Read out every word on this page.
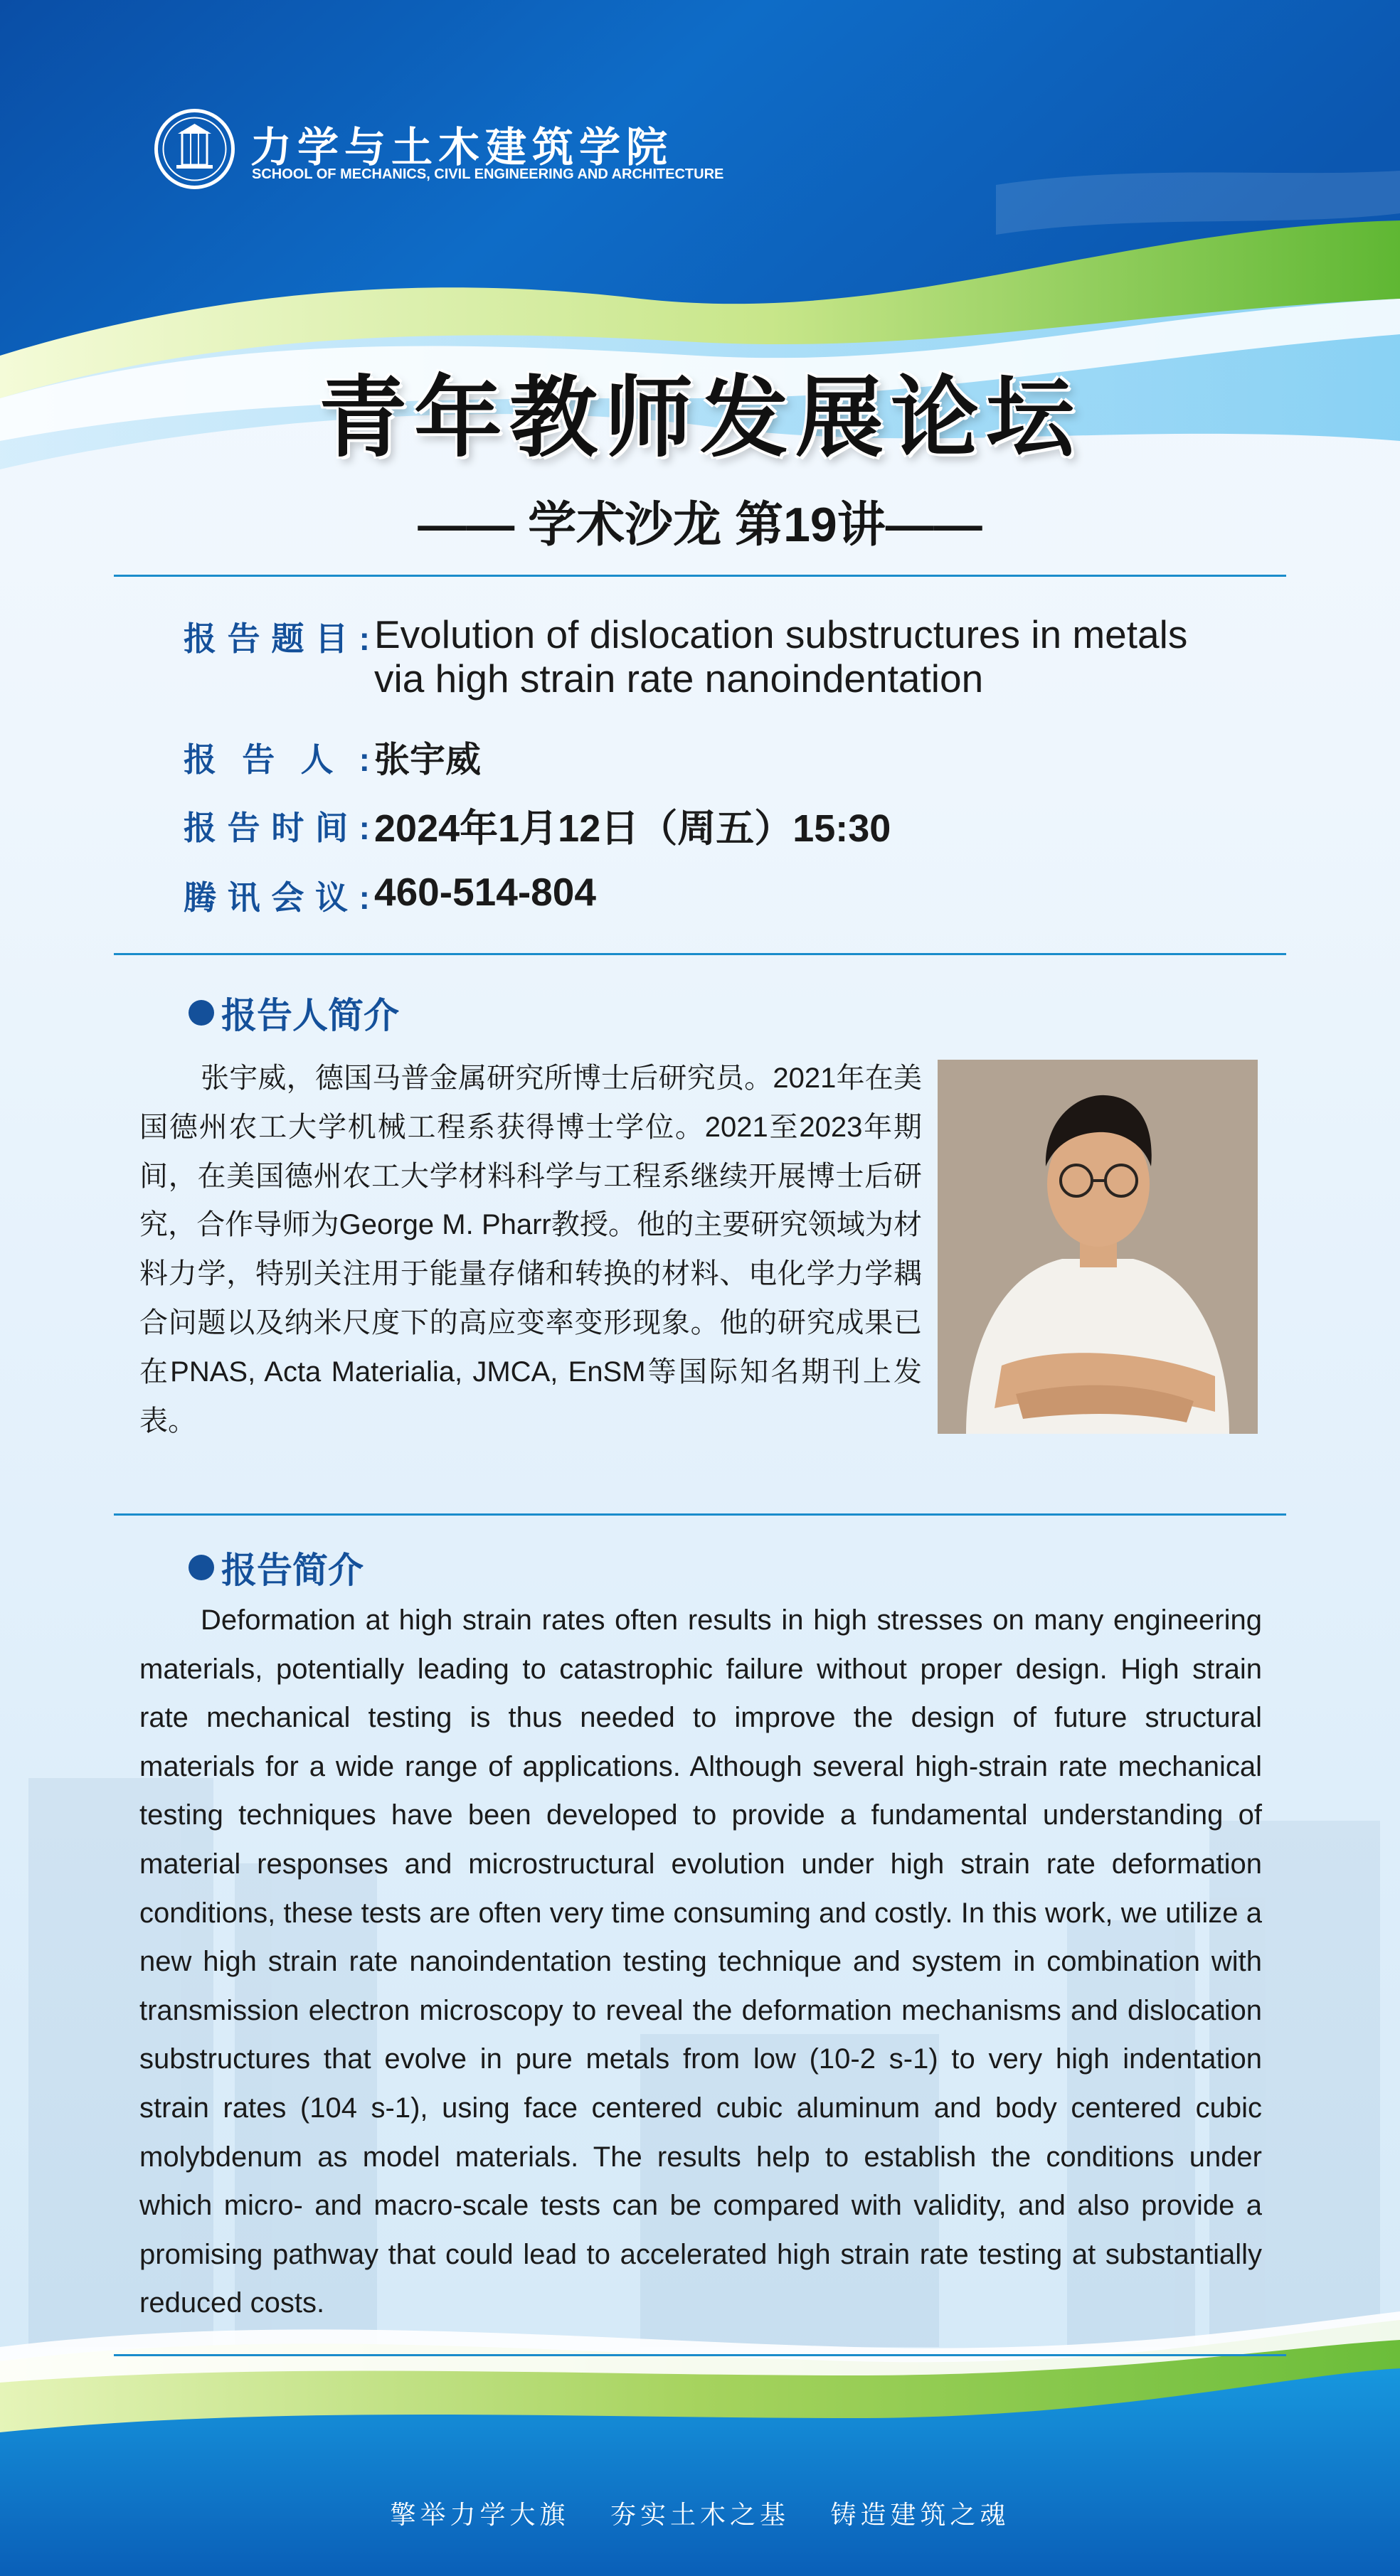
力学与土木建筑学院
SCHOOL OF MECHANICS, CIVIL ENGINEERING AND ARCHITECTURE
青年教师发展论坛
—— 学术沙龙 第19讲——
报告题目: Evolution of dislocation substructures in metals
via high strain rate nanoindentation
报告人: 张宇威
报告时间: 2024年1月12日（周五）15:30
腾讯会议: 460-514-804
报告人简介
张宇威，德国马普金属研究所博士后研究员。2021年在美国德州农工大学机械工程系获得博士学位。2021至2023年期间，在美国德州农工大学材料科学与工程系继续开展博士后研究，合作导师为George M. Pharr教授。他的主要研究领域为材料力学，特别关注用于能量存储和转换的材料、电化学力学耦合问题以及纳米尺度下的高应变率变形现象。他的研究成果已在PNAS, Acta Materialia, JMCA, EnSM等国际知名期刊上发表。
报告简介
Deformation at high strain rates often results in high stresses on many engineering materials, potentially leading to catastrophic failure without proper design. High strain rate mechanical testing is thus needed to improve the design of future structural materials for a wide range of applications. Although several high-strain rate mechanical testing techniques have been developed to provide a fundamental understanding of material responses and microstructural evolution under high strain rate deformation conditions, these tests are often very time consuming and costly. In this work, we utilize a new high strain rate nanoindentation testing technique and system in combination with transmission electron microscopy to reveal the deformation mechanisms and dislocation substructures that evolve in pure metals from low (10-2 s-1) to very high indentation strain rates (104 s-1), using face centered cubic aluminum and body centered cubic molybdenum as model materials. The results help to establish the conditions under which micro- and macro-scale tests can be compared with validity, and also provide a promising pathway that could lead to accelerated high strain rate testing at substantially reduced costs.
擎举力学大旗 夯实土木之基 铸造建筑之魂
